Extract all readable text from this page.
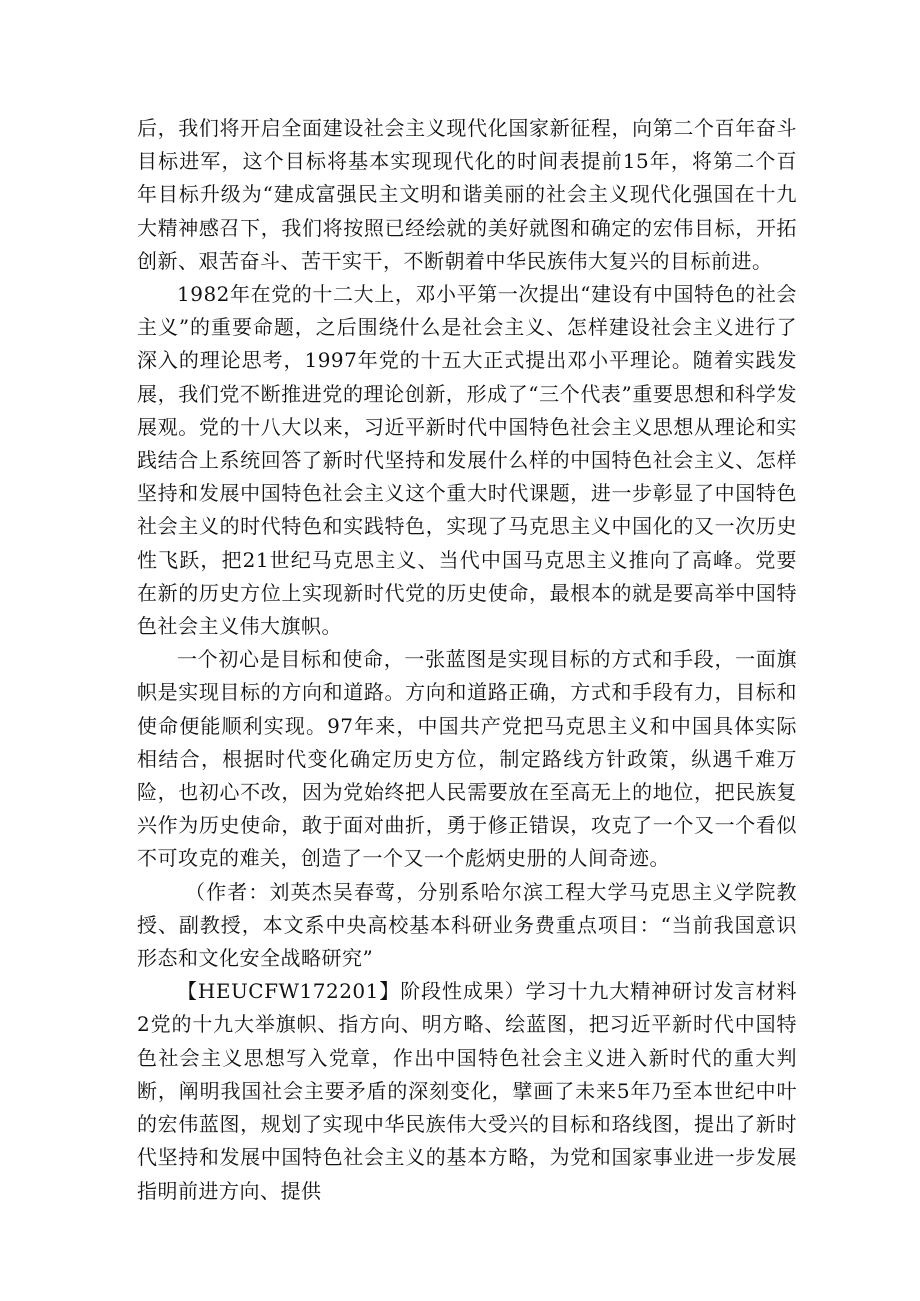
后，我们将开启全面建设社会主义现代化国家新征程，向第二个百年奋斗目标进军，这个目标将基本实现现代化的时间表提前15年，将第二个百年目标升级为“建成富强民主文明和谐美丽的社会主义现代化强国在十九大精神感召下，我们将按照已经绘就的美好就图和确定的宏伟目标，开拓创新、艰苦奋斗、苦干实干，不断朝着中华民族伟大复兴的目标前进。

1982年在党的十二大上，邓小平第一次提出“建设有中国特色的社会主义”的重要命题，之后围绕什么是社会主义、怎样建设社会主义进行了深入的理论思考，1997年党的十五大正式提出邓小平理论。随着实践发展，我们党不断推进党的理论创新，形成了“三个代表”重要思想和科学发展观。党的十八大以来，习近平新时代中国特色社会主义思想从理论和实践结合上系统回答了新时代坚持和发展什么样的中国特色社会主义、怎样坚持和发展中国特色社会主义这个重大时代课题，进一步彰显了中国特色社会主义的时代特色和实践特色，实现了马克思主义中国化的又一次历史性飞跃，把21世纪马克思主义、当代中国马克思主义推向了高峰。党要在新的历史方位上实现新时代党的历史使命，最根本的就是要高举中国特色社会主义伟大旗帜。

一个初心是目标和使命，一张蓝图是实现目标的方式和手段，一面旗帜是实现目标的方向和道路。方向和道路正确，方式和手段有力，目标和使命便能顺利实现。97年来，中国共产党把马克思主义和中国具体实际相结合，根据时代变化确定历史方位，制定路线方针政策，纵遇千难万险，也初心不改，因为党始终把人民需要放在至高无上的地位，把民族复兴作为历史使命，敢于面对曲折，勇于修正错误，攻克了一个又一个看似不可攻克的难关，创造了一个又一个彪炳史册的人间奇迹。

（作者：刘英杰吴春莺，分别系哈尔滨工程大学马克思主义学院教授、副教授，本文系中央高校基本科研业务费重点项目：“当前我国意识形态和文化安全战略研究”

【HEUCFW172201】阶段性成果）学习十九大精神研讨发言材料2党的十九大举旗帜、指方向、明方略、绘蓝图，把习近平新时代中国特色社会主义思想写入党章，作出中国特色社会主义进入新时代的重大判断，阐明我国社会主要矛盾的深刻变化，擘画了未来5年乃至本世纪中叶的宏伟蓝图，规划了实现中华民族伟大受兴的目标和珞线图，提出了新时代坚持和发展中国特色社会主义的基本方略，为党和国家事业进一步发展指明前进方向、提供
